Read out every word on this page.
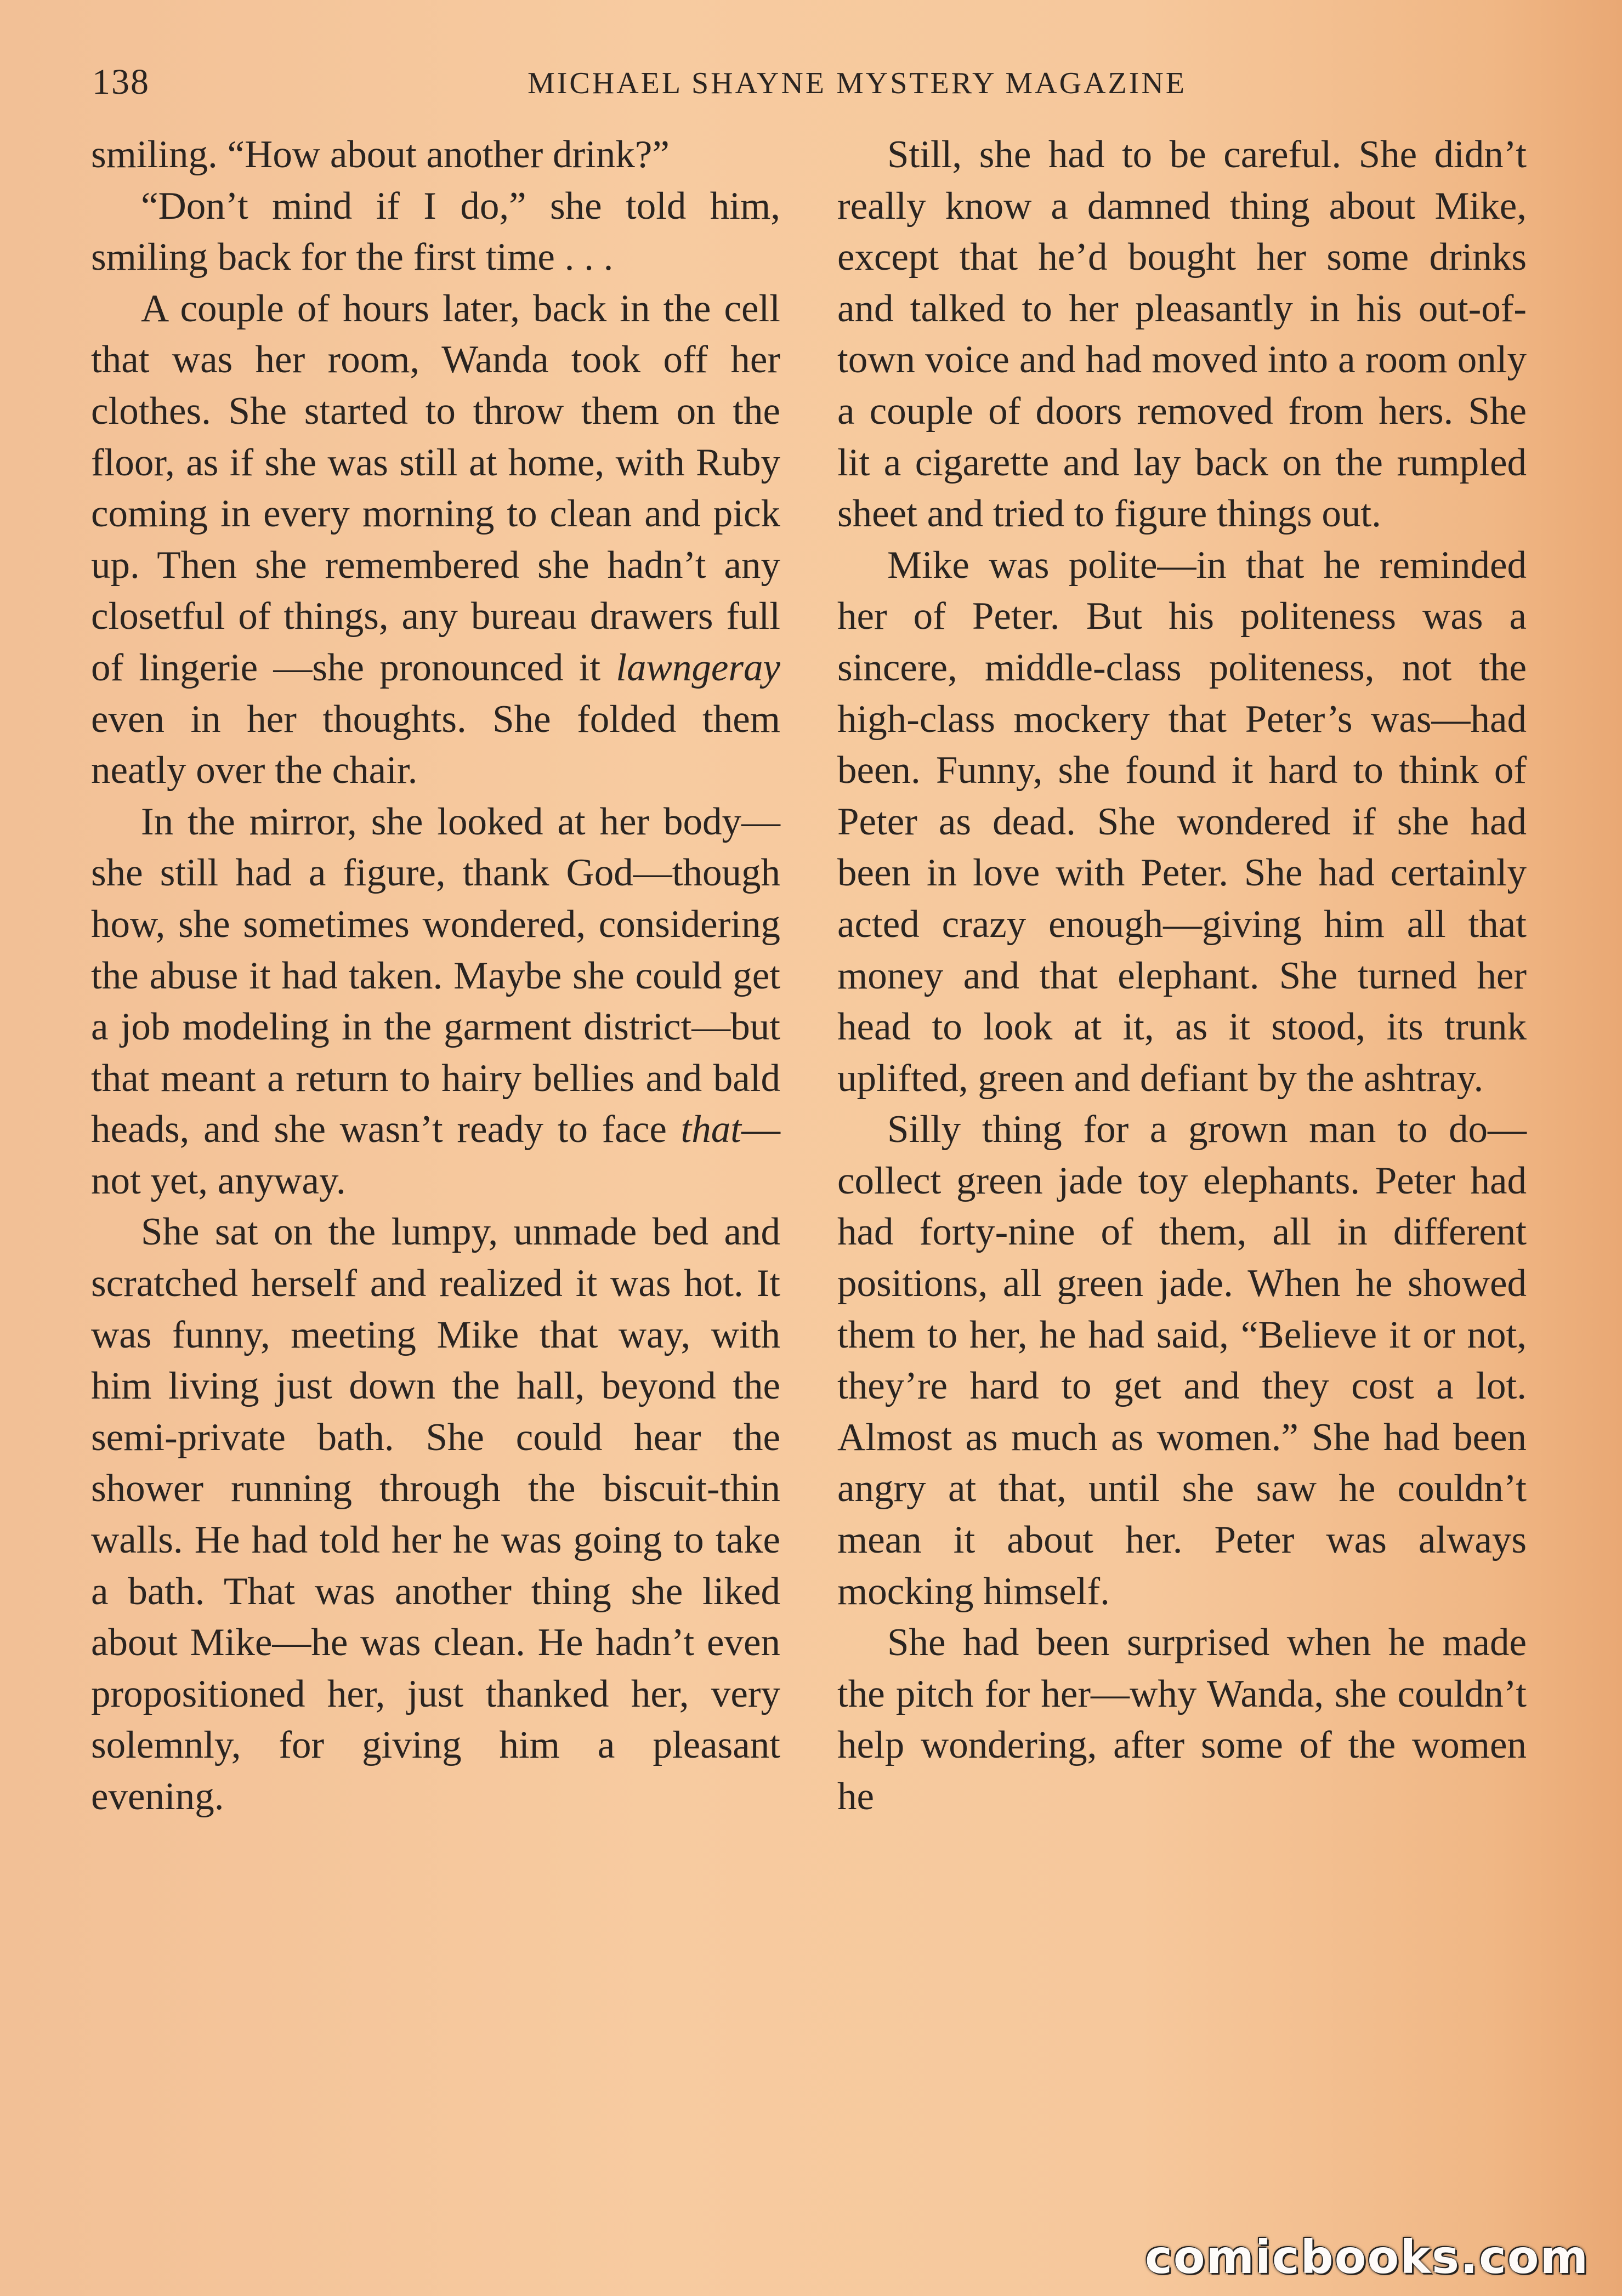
138	MICHAEL SHAYNE MYSTERY MAGAZINE

smiling. “How about another drink?”

“Don’t mind if I do,” she told him, smiling back for the first time . . .

A couple of hours later, back in the cell that was her room, Wanda took off her clothes. She started to throw them on the floor, as if she was still at home, with Ruby coming in every morning to clean and pick up. Then she remembered she hadn’t any closetful of things, any bureau drawers full of lingerie —she pronounced it lawngeray even in her thoughts. She folded them neatly over the chair.

In the mirror, she looked at her body—she still had a figure, thank God—though how, she sometimes wondered, considering the abuse it had taken. Maybe she could get a job modeling in the garment district—but that meant a return to hairy bellies and bald heads, and she wasn’t ready to face that—not yet, anyway.

She sat on the lumpy, unmade bed and scratched herself and realized it was hot. It was funny, meeting Mike that way, with him living just down the hall, beyond the semi-private bath. She could hear the shower running through the biscuit-thin walls. He had told her he was going to take a bath. That was another thing she liked about Mike—he was clean. He hadn’t even propositioned her, just thanked her, very solemnly, for giving him a pleasant evening.

Still, she had to be careful. She didn’t really know a damned thing about Mike, except that he’d bought her some drinks and talked to her pleasantly in his out-of-town voice and had moved into a room only a couple of doors removed from hers. She lit a cigarette and lay back on the rumpled sheet and tried to figure things out.

Mike was polite—in that he reminded her of Peter. But his politeness was a sincere, middle-class politeness, not the high-class mockery that Peter’s was—had been. Funny, she found it hard to think of Peter as dead. She wondered if she had been in love with Peter. She had certainly acted crazy enough—giving him all that money and that elephant. She turned her head to look at it, as it stood, its trunk uplifted, green and defiant by the ashtray.

Silly thing for a grown man to do—collect green jade toy elephants. Peter had had forty-nine of them, all in different positions, all green jade. When he showed them to her, he had said, “Believe it or not, they’re hard to get and they cost a lot. Almost as much as women.” She had been angry at that, until she saw he couldn’t mean it about her. Peter was always mocking himself.

She had been surprised when he made the pitch for her—why Wanda, she couldn’t help wondering, after some of the women he

comicbooks.com
